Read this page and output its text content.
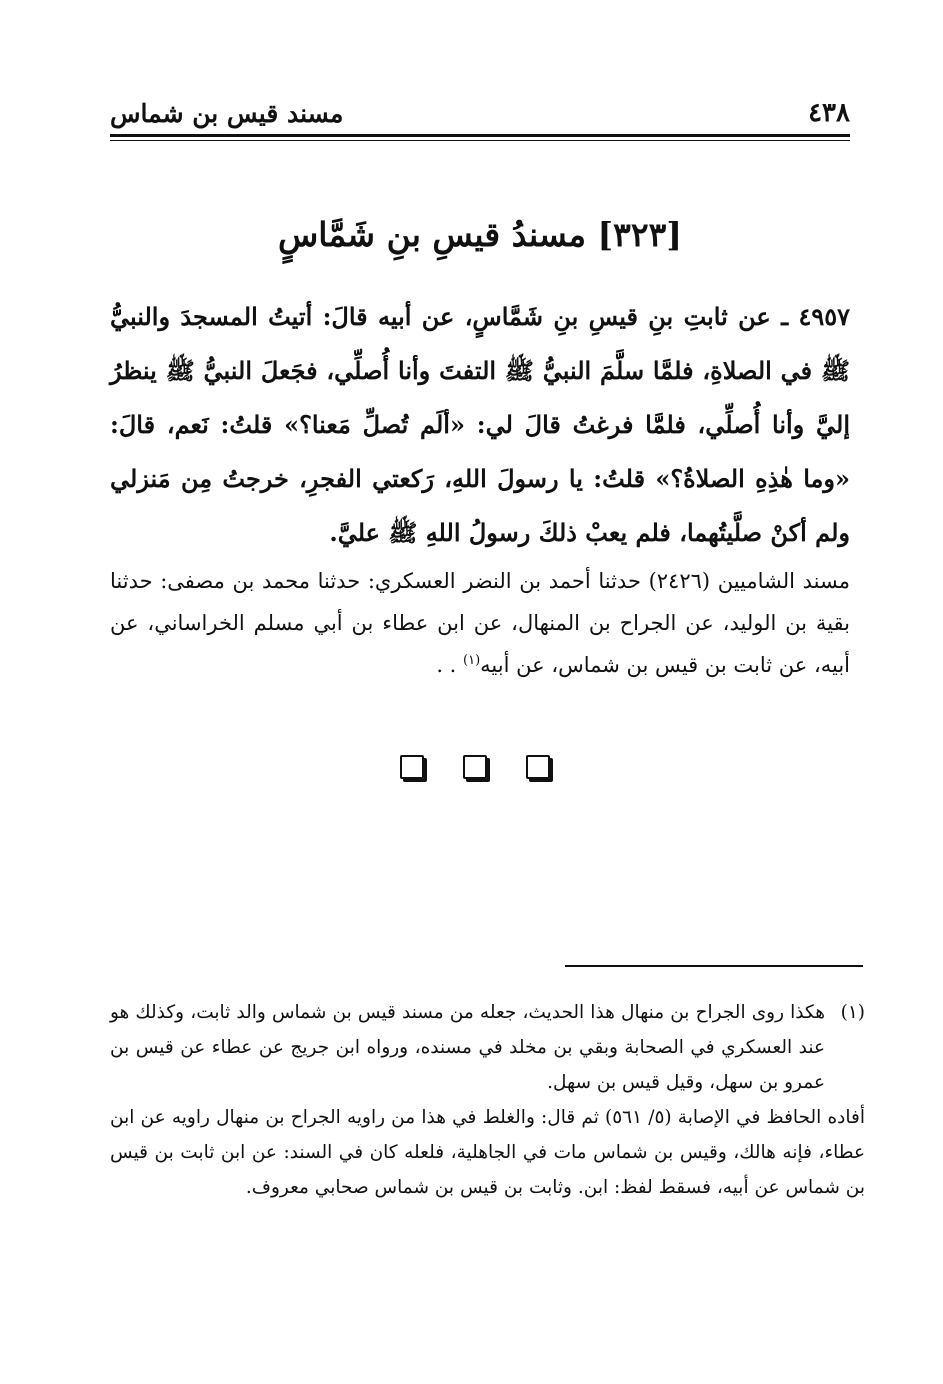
مسند قيس بن شماس	٤٣٨
[٣٢٣] مسندُ قيسِ بنِ شَمَّاسٍ
٤٩٥٧ ـ عن ثابتِ بنِ قيسِ بنِ شَمَّاسٍ، عن أبيه قالَ: أتيتُ المسجدَ والنبيُّ ﷺ في الصلاةِ، فلمَّا سلَّمَ النبيُّ ﷺ التفتَ وأنا أُصلِّي، فجَعلَ النبيُّ ﷺ ينظرُ إليَّ وأنا أُصلِّي، فلمَّا فرغتُ قالَ لي: «ألَم تُصلِّ مَعنا؟» قلتُ: نَعم، قالَ: «وما هٰذِهِ الصلاةُ؟» قلتُ: يا رسولَ اللهِ، رَكعتي الفجرِ، خرجتُ مِن مَنزلي ولم أكنْ صلَّيتُهما، فلم يعبْ ذلكَ رسولُ اللهِ ﷺ عليَّ.
مسند الشاميين (٢٤٢٦) حدثنا أحمد بن النضر العسكري: حدثنا محمد بن مصفى: حدثنا بقية بن الوليد، عن الجراح بن المنهال، عن ابن عطاء بن أبي مسلم الخراساني، عن أبيه، عن ثابت بن قيس بن شماس، عن أبيه$^{(١)}$ . .
(١)
هكذا روى الجراح بن منهال هذا الحديث، جعله من مسند قيس بن شماس والد ثابت، وكذلك هو عند العسكري في الصحابة وبقي بن مخلد في مسنده، ورواه ابن جريج عن عطاء عن قيس بن عمرو بن سهل، وقيل قيس بن سهل.
أفاده الحافظ في الإصابة (٥/ ٥٦١) ثم قال: والغلط في هذا من راويه الجراح بن منهال راويه عن ابن عطاء، فإنه هالك، وقيس بن شماس مات في الجاهلية، فلعله كان في السند: عن ابن ثابت بن قيس بن شماس عن أبيه، فسقط لفظ: ابن. وثابت بن قيس بن شماس صحابي معروف.
